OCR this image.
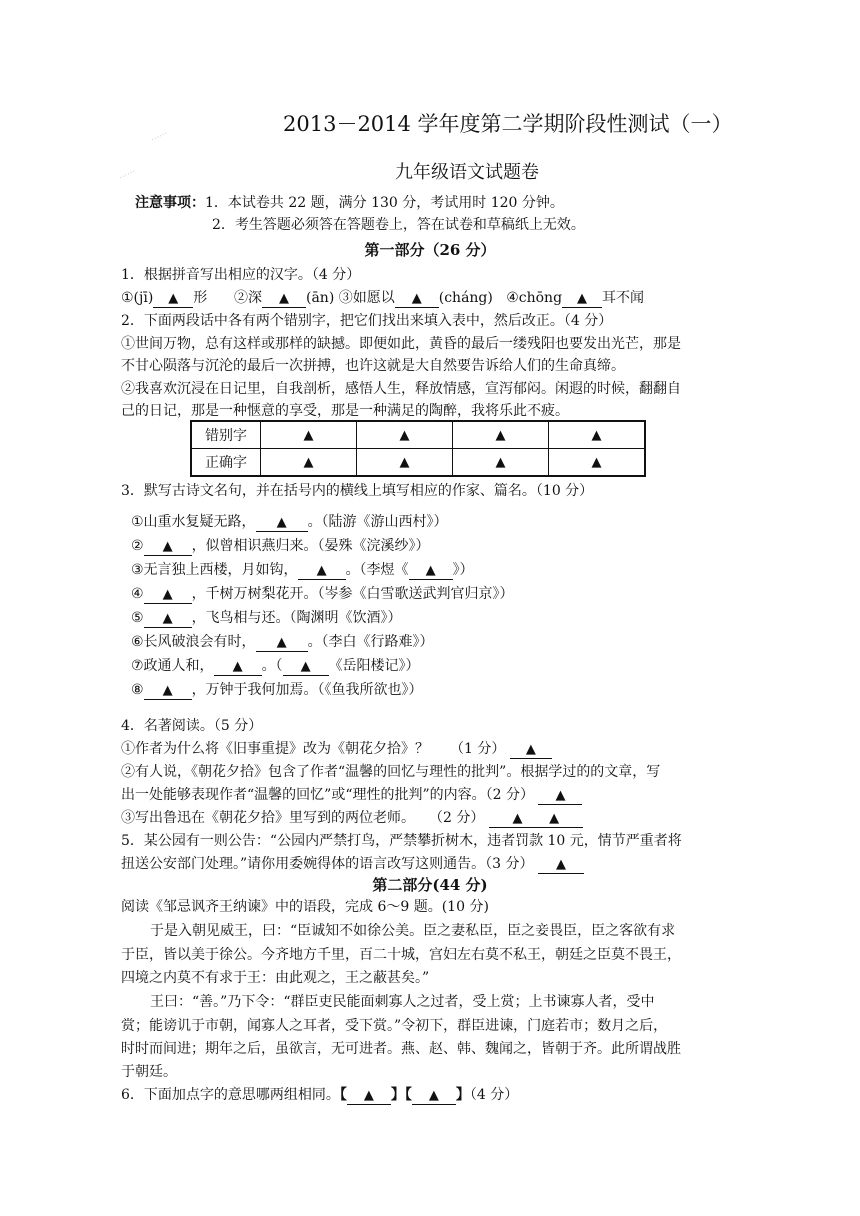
......
......
2013－2014 学年度第二学期阶段性测试（一）
九年级语文试题卷
注意事项：1．本试卷共 22 题，满分 130 分，考试用时 120 分钟。
2．考生答题必须答在答题卷上，答在试卷和草稿纸上无效。
第一部分（26 分）
1．根据拼音写出相应的汉字。（4 分）
①(jī) ▲ 形 ②深 ▲ (ān) ③如愿以 ▲ (cháng) ④chōng ▲ 耳不闻
2．下面两段话中各有两个错别字，把它们找出来填入表中，然后改正。（4 分）
①世间万物，总有这样或那样的缺撼。即便如此，黄昏的最后一缕残阳也要发出光芒，那是
不甘心陨落与沉沦的最后一次拼搏，也许这就是大自然要告诉给人们的生命真缔。
②我喜欢沉浸在日记里，自我剖析，感悟人生，释放情感，宣泻郁闷。闲遐的时候，翻翻自
己的日记，那是一种惬意的享受，那是一种满足的陶醉，我将乐此不疲。
错别字	▲	▲	▲	▲
正确字	▲	▲	▲	▲
3．默写古诗文名句，并在括号内的横线上填写相应的作家、篇名。（10 分）
①山重水复疑无路， ▲ 。（陆游《游山西村》）
② ▲ ，似曾相识燕归来。（晏殊《浣溪纱》）
③无言独上西楼，月如钩， ▲ 。（李煜《 ▲ 》）
④ ▲ ，千树万树梨花开。（岑参《白雪歌送武判官归京》）
⑤ ▲ ，飞鸟相与还。（陶渊明《饮酒》）
⑥长风破浪会有时， ▲ 。（李白《行路难》）
⑦政通人和， ▲ 。（ ▲ 《岳阳楼记》）
⑧ ▲ ，万钟于我何加焉。（《鱼我所欲也》）
4．名著阅读。（5 分）
①作者为什么将《旧事重提》改为《朝花夕拾》？　　（1 分） ▲
②有人说，《朝花夕拾》包含了作者“温馨的回忆与理性的批判”。根据学过的的文章，写
出一处能够表现作者“温馨的回忆”或“理性的批判”的内容。（2 分） ▲
③写出鲁迅在《朝花夕拾》里写到的两位老师。　　（2 分） ▲ ▲
5．某公园有一则公告：“公园内严禁打鸟，严禁攀折树木，违者罚款 10 元，情节严重者将
扭送公安部门处理。”请你用委婉得体的语言改写这则通告。（3 分） ▲
第二部分(44 分)
阅读《邹忌讽齐王纳谏》中的语段，完成 6～9 题。(10 分)
于是入朝见威王，曰：“臣诚知不如徐公美。臣之妻私臣，臣之妾畏臣，臣之客欲有求
于臣，皆以美于徐公。今齐地方千里，百二十城，宫妇左右莫不私王，朝廷之臣莫不畏王，
四境之内莫不有求于王：由此观之，王之蔽甚矣。”
王曰：“善。”乃下令：“群臣吏民能面刺寡人之过者，受上赏；上书谏寡人者，受中
赏；能谤讥于市朝，闻寡人之耳者，受下赏。”令初下，群臣进谏，门庭若市；数月之后，
时时而间进；期年之后，虽欲言，无可进者。燕、赵、韩、魏闻之，皆朝于齐。此所谓战胜
于朝廷。
6．下面加点字的意思哪两组相同。【 ▲ 】【 ▲ 】（4 分）
